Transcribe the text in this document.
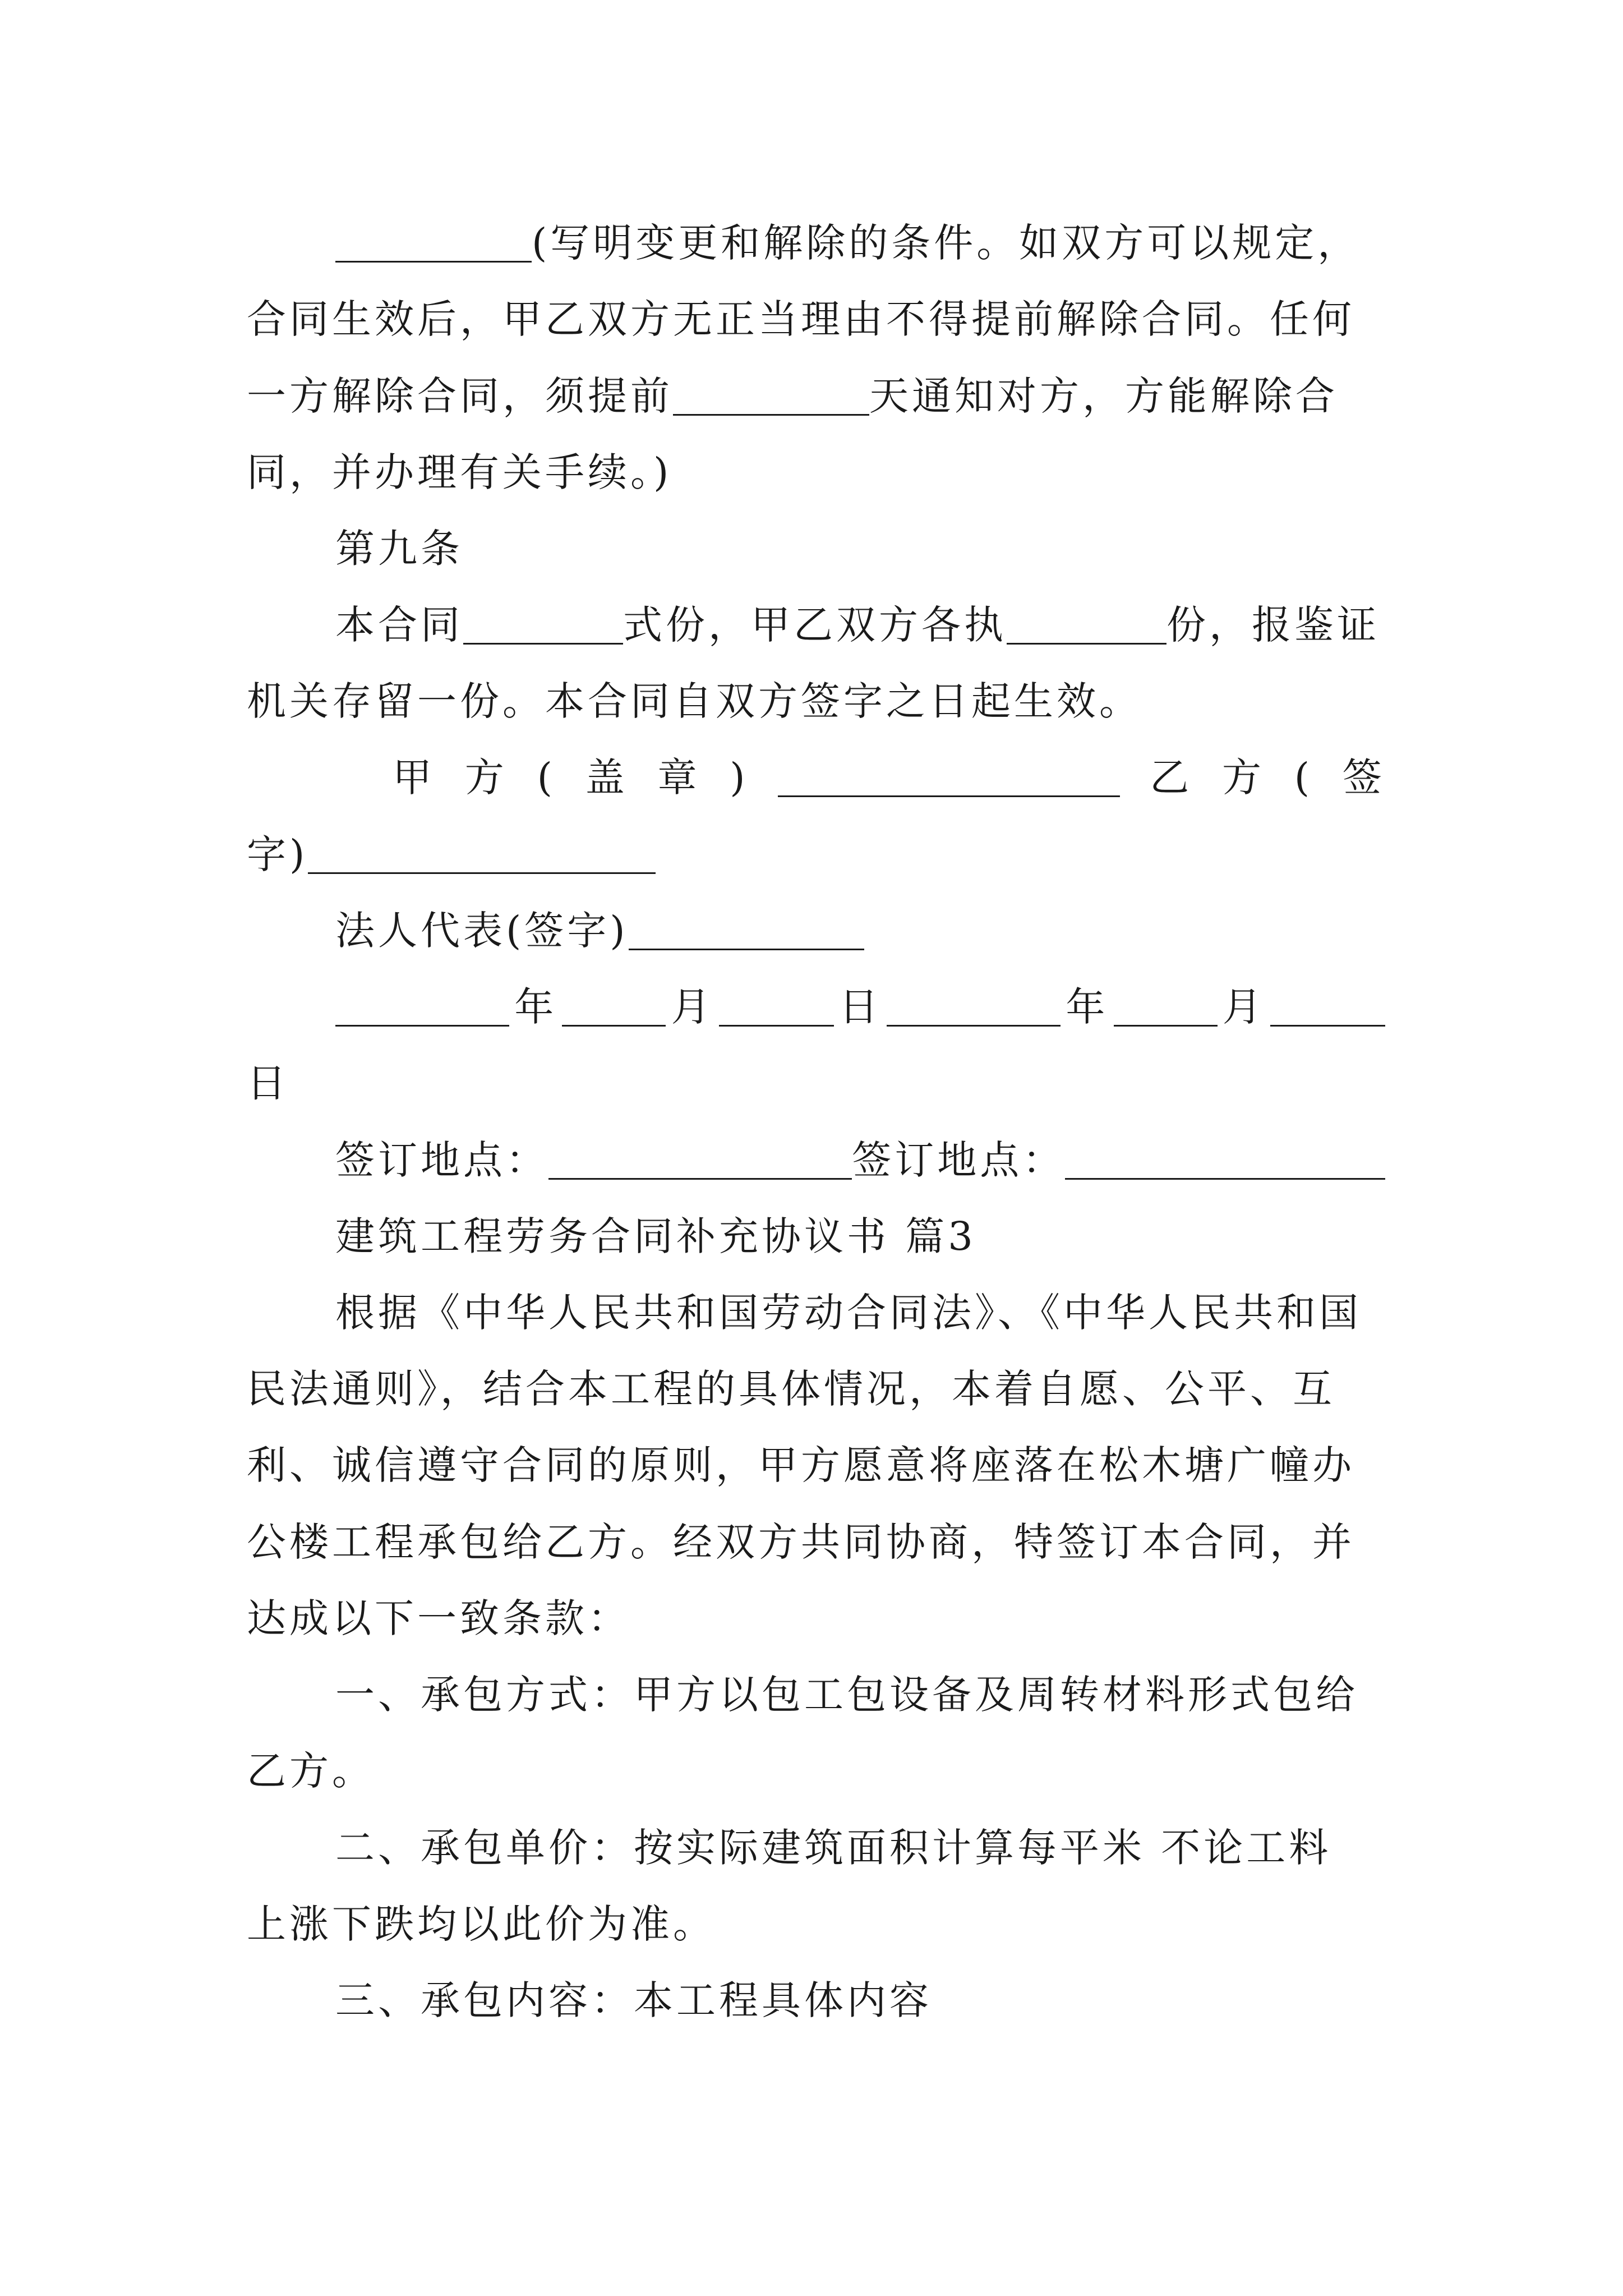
(写明变更和解除的条件。如双方可以规定，
合同生效后，甲乙双方无正当理由不得提前解除合同。任何
一方解除合同，须提前	天通知对方，方能解除合
同，并办理有关手续。)
第九条
本合同	式份，甲乙双方各执	份，报鉴证
机关存留一份。本合同自双方签字之日起生效。
甲 方 ( 盖 章 )	乙 方 ( 签
字)
法人代表(签字)
年	月	日	年	月
日
签订地点：	签订地点：
建筑工程劳务合同补充协议书 篇3
根据《中华人民共和国劳动合同法》、《中华人民共和国
民法通则》，结合本工程的具体情况，本着自愿、公平、互
利、诚信遵守合同的原则，甲方愿意将座落在松木塘广幢办
公楼工程承包给乙方。经双方共同协商，特签订本合同，并
达成以下一致条款：
一、承包方式：甲方以包工包设备及周转材料形式包给
乙方。
二、承包单价：按实际建筑面积计算每平米 不论工料
上涨下跌均以此价为准。
三、承包内容：本工程具体内容
